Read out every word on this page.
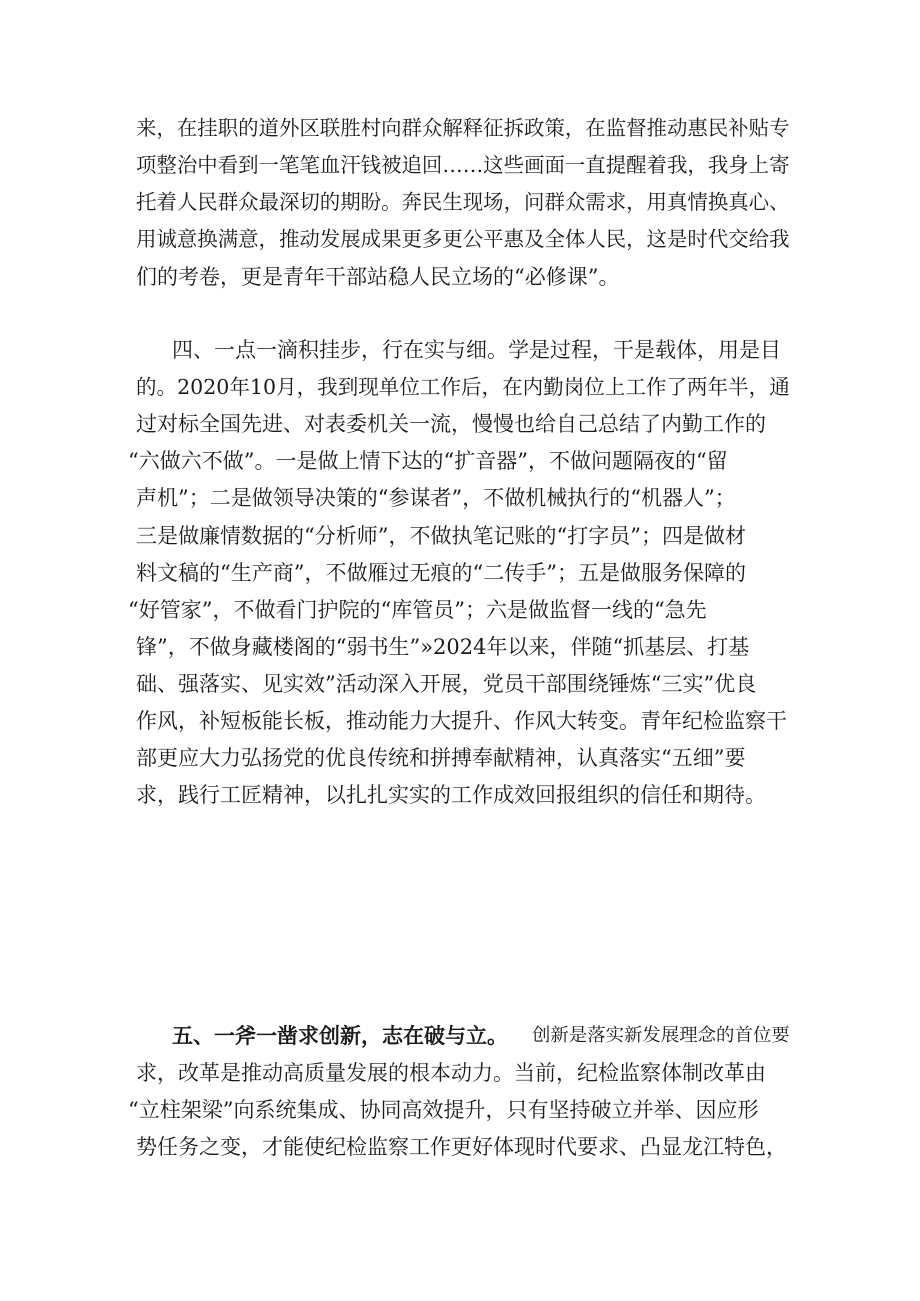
来，在挂职的道外区联胜村向群众解释征拆政策，在监督推动惠民补贴专
项整治中看到一笔笔血汗钱被追回……这些画面一直提醒着我，我身上寄
托着人民群众最深切的期盼。奔民生现场，问群众需求，用真情换真心、
用诚意换满意，推动发展成果更多更公平惠及全体人民，这是时代交给我
们的考卷，更是青年干部站稳人民立场的“必修课”。
四、一点一滴积挂步，行在实与细。学是过程，干是载体，用是目
的。2020年10月，我到现单位工作后，在内勤岗位上工作了两年半，通
过对标全国先进、对表委机关一流，慢慢也给自己总结了内勤工作的
“六做六不做”。一是做上情下达的“扩音器”，不做问题隔夜的“留
声机”；二是做领导决策的“参谋者”，不做机械执行的“机器人”；
三是做廉情数据的“分析师”，不做执笔记账的“打字员”；四是做材
料文稿的“生产商”，不做雁过无痕的“二传手”；五是做服务保障的
“好管家”，不做看门护院的“库管员”；六是做监督一线的“急先
锋”，不做身藏楼阁的“弱书生”»2024年以来，伴随“抓基层、打基
础、强落实、见实效”活动深入开展，党员干部围绕锤炼“三实”优良
作风，补短板能长板，推动能力大提升、作风大转变。青年纪检监察干
部更应大力弘扬党的优良传统和拼搏奉献精神，认真落实“五细”要
求，践行工匠精神，以扎扎实实的工作成效回报组织的信任和期待。
五、一斧一凿求创新，志在破与立。 创新是落实新发展理念的首位要
求，改革是推动高质量发展的根本动力。当前，纪检监察体制改革由
“立柱架梁”向系统集成、协同高效提升，只有坚持破立并举、因应形
势任务之变，才能使纪检监察工作更好体现时代要求、凸显龙江特色，
